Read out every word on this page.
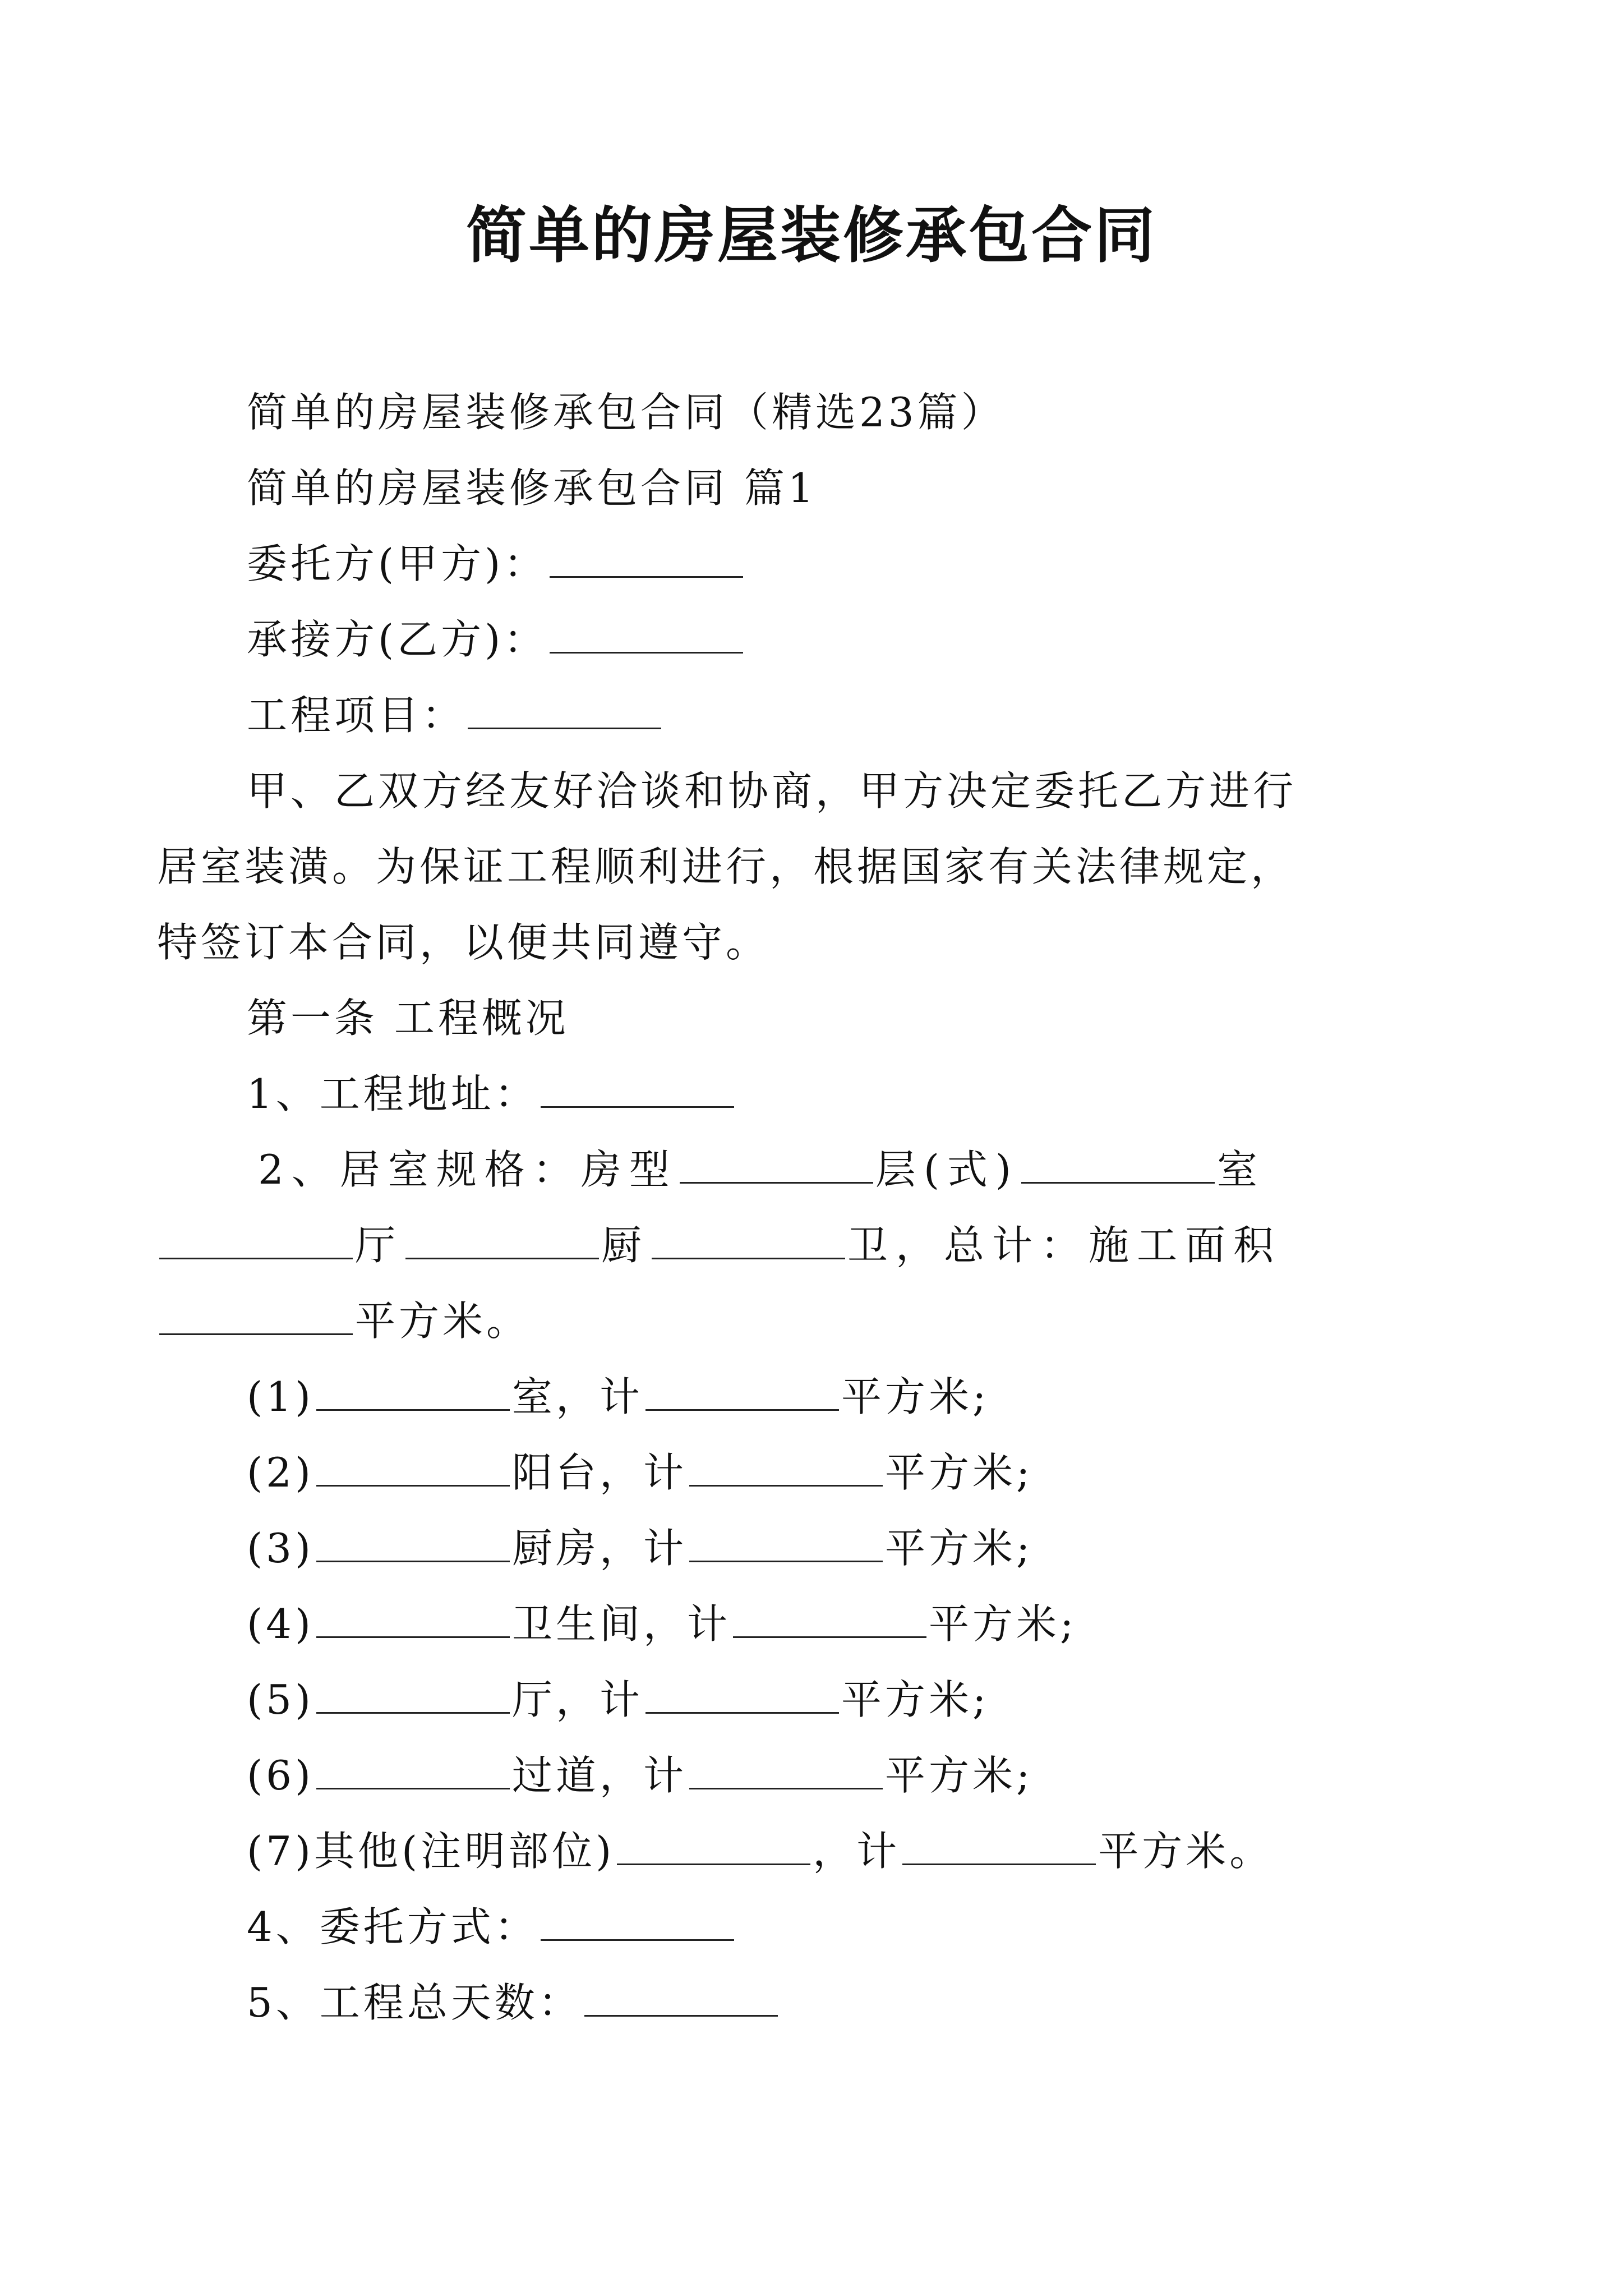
简单的房屋装修承包合同
简单的房屋装修承包合同（精选23篇）
简单的房屋装修承包合同 篇1
委托方(甲方)：
承接方(乙方)：
工程项目：
甲、乙双方经友好洽谈和协商，甲方决定委托乙方进行
居室装潢。为保证工程顺利进行，根据国家有关法律规定，
特签订本合同，以便共同遵守。
第一条 工程概况
1、工程地址：
2、居室规格：房型	层(式)	室
厅	厨	卫，总计：施工面积
平方米。
(1)	室，计	平方米;
(2)	阳台，计	平方米;
(3)	厨房，计	平方米;
(4)	卫生间，计	平方米;
(5)	厅，计	平方米;
(6)	过道，计	平方米;
(7)其他(注明部位)	，计	平方米。
4、委托方式：
5、工程总天数：
